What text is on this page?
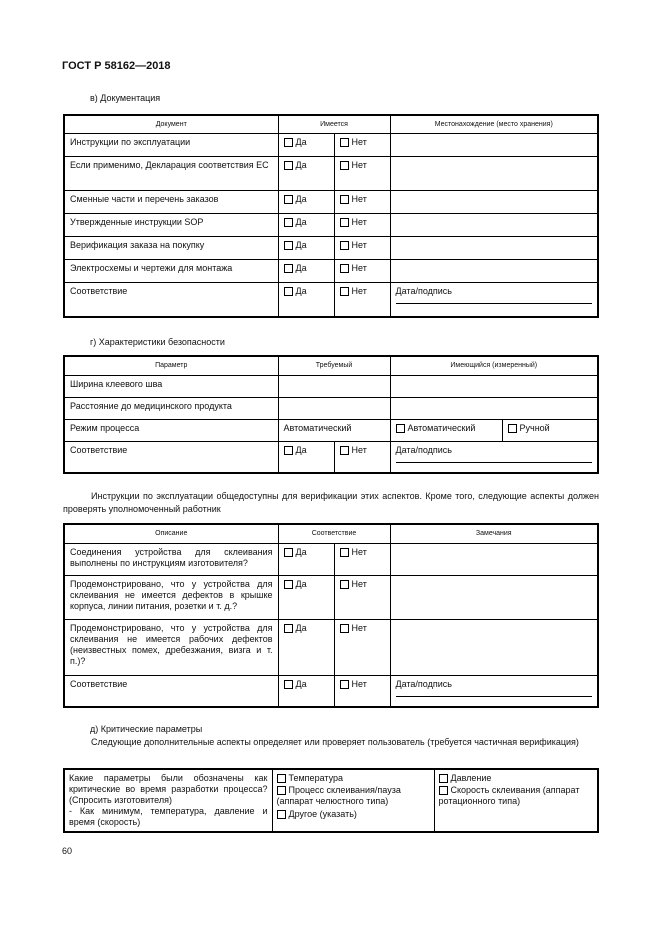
ГОСТ Р 58162—2018
в) Документация
Документ	Имеется		Местонахождение (место хранения)
Инструкции по эксплуатации	Да	Нет	
Если применимо, Декларация соответствия ЕС	Да	Нет	
Сменные части и перечень заказов	Да	Нет	
Утвержденные инструкции SOP	Да	Нет	
Верификация заказа на покупку	Да	Нет	
Электросхемы и чертежи для монтажа	Да	Нет	
Соответствие	Да	Нет	Дата/подпись
г) Характеристики безопасности
Параметр	Требуемый		Имеющийся (измеренный)	
Ширина клеевого шва				
Расстояние до медицинского продукта				
Режим процесса	Автоматический		Автоматический	Ручной
Соответствие	Да	Нет	Дата/подпись	
Инструкции по эксплуатации общедоступны для верификации этих аспектов. Кроме того, следующие аспекты должен проверять уполномоченный работник
Описание	Соответствие		Замечания
Соединения устройства для склеивания выполнены по инструкциям изготовителя?	Да	Нет	
Продемонстрировано, что у устройства для склеивания не имеется дефектов в крышке корпуса, линии питания, розетки и т. д.?	Да	Нет	
Продемонстрировано, что у устройства для склеивания не имеется рабочих дефектов (неизвестных помех, дребезжания, визга и т. п.)?	Да	Нет	
Соответствие	Да	Нет	Дата/подпись
д) Критические параметры
Следующие дополнительные аспекты определяет или проверяет пользователь (требуется частичная верификация)
Какие параметры были обозначены как критические во время разработки процесса? (Спросить изготовителя)
- Как минимум, температура, давление и время (скорость)

Температура
Процесс склеивания/пауза (аппарат челюстного типа)
Другое (указать)

Давление
Скорость склеивания (аппарат ротационного типа)
60
